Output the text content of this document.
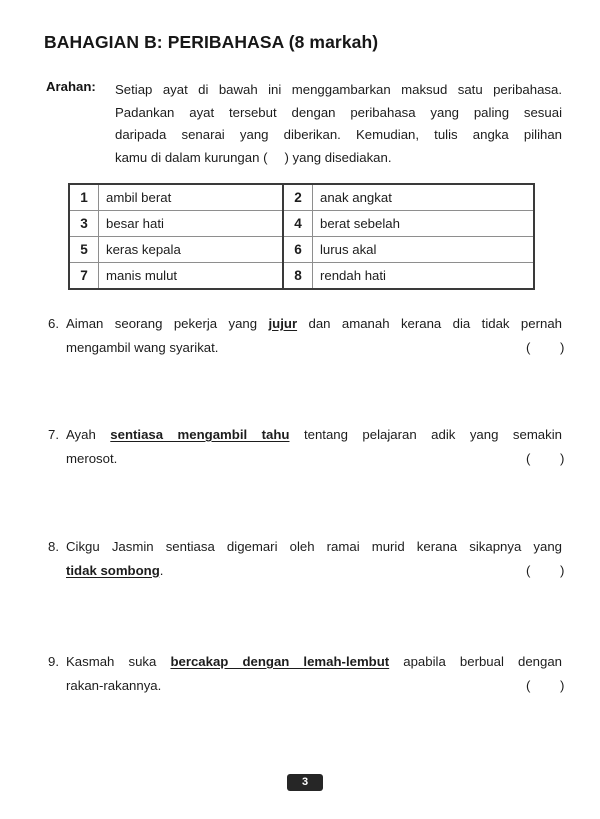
BAHAGIAN B: PERIBAHASA (8 markah)
Arahan: Setiap ayat di bawah ini menggambarkan maksud satu peribahasa.

Padankan ayat tersebut dengan peribahasa yang paling sesuai

daripada senarai yang diberikan. Kemudian, tulis angka pilihan

kamu di dalam kurungan ( ) yang disediakan.

1	ambil berat	2	anak angkat
3	besar hati	4	berat sebelah
5	keras kepala	6	lurus akal
7	manis mulut	8	rendah hati
6. Aiman seorang pekerja yang jujur dan amanah kerana dia tidak pernah
mengambil wang syarikat.	( )
7. Ayah sentiasa mengambil tahu tentang pelajaran adik yang semakin
merosot.	( )
8. Cikgu Jasmin sentiasa digemari oleh ramai murid kerana sikapnya yang
tidak sombong.	( )
9. Kasmah suka bercakap dengan lemah-lembut apabila berbual dengan
rakan-rakannya.	( )
3
